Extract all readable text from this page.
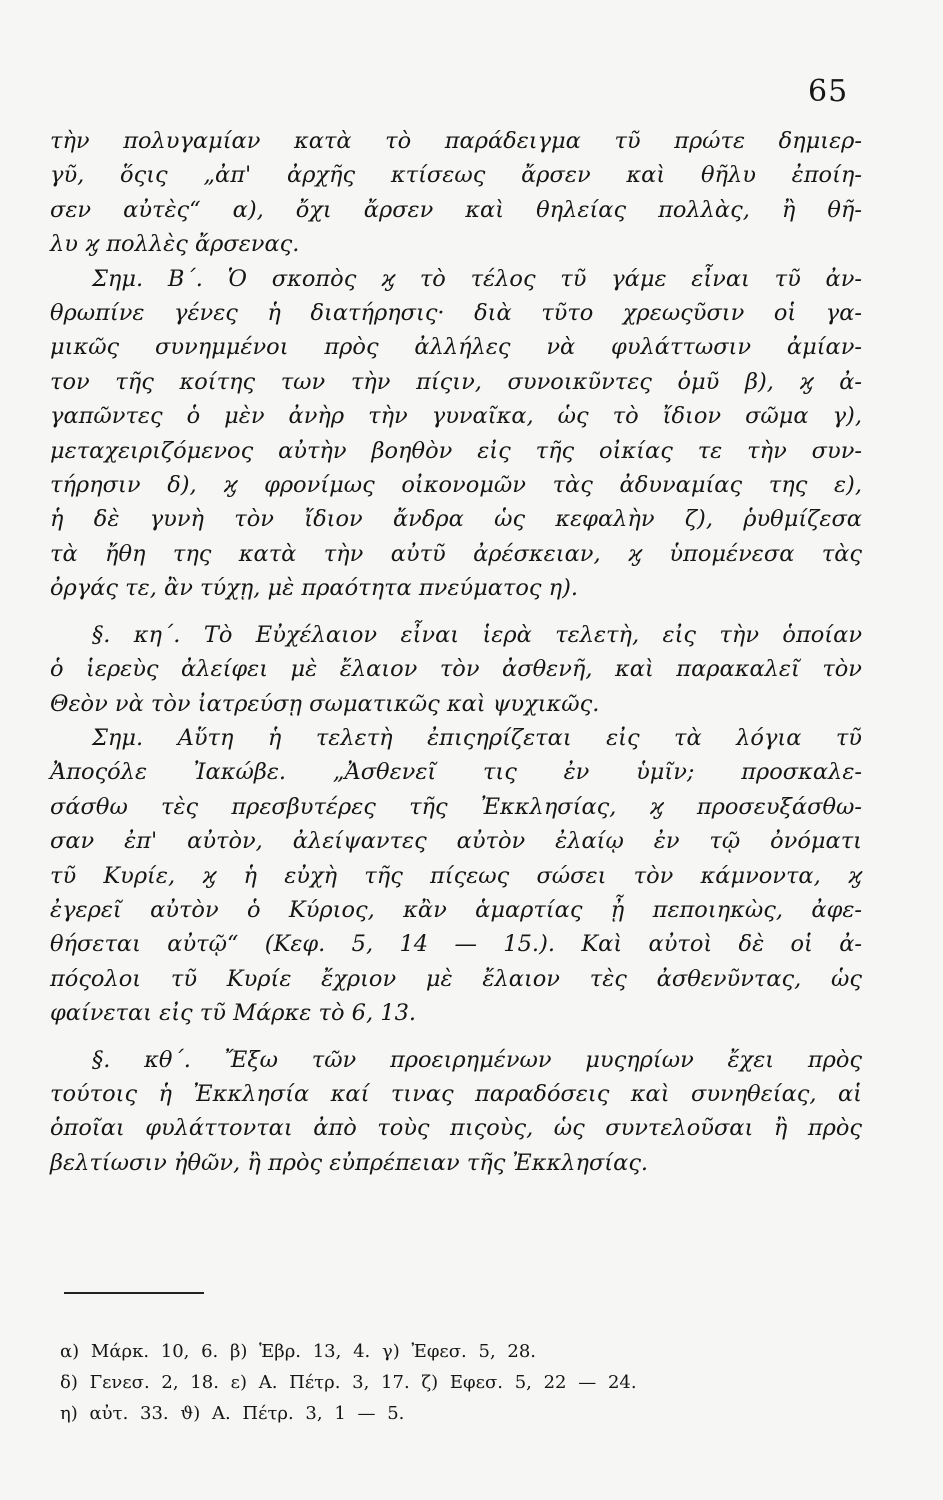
65
τὴν πολυγαμίαν κατὰ τὸ παράδειγμα τῦ πρώτε δημιερ-
γῦ, ὅςις „ἀπ' ἀρχῆς κτίσεως ἄρσεν καὶ θῆλυ ἐποίη-
σεν αὐτὲς“ α), ὄχι ἄρσεν καὶ θηλείας πολλὰς, ἢ θῆ-
λυ ϗ πολλὲς ἄρσενας.
Σημ. Β΄. Ὁ σκοπὸς ϗ τὸ τέλος τῦ γάμε εἶναι τῦ ἀν-
θρωπίνε γένες ἡ διατήρησις· διὰ τῦτο χρεωςῦσιν οἱ γα-
μικῶς συνημμένοι πρὸς ἀλλήλες νὰ φυλάττωσιν ἀμίαν-
τον τῆς κοίτης των τὴν πίςιν, συνοικῦντες ὁμῦ β), ϗ ἀ-
γαπῶντες ὁ μὲν ἀνὴρ τὴν γυναῖκα, ὡς τὸ ἴδιον σῶμα γ),
μεταχειριζόμενος αὐτὴν βοηθὸν εἰς τῆς οἰκίας τε τὴν συν-
τήρησιν δ), ϗ φρονίμως οἰκονομῶν τὰς ἀδυναμίας της ε),
ἡ δὲ γυνὴ τὸν ἴδιον ἄνδρα ὡς κεφαλὴν ζ), ῥυθμίζεσα
τὰ ἤθη της κατὰ τὴν αὐτῦ ἀρέσκειαν, ϗ ὑπομένεσα τὰς
ὀργάς τε, ἂν τύχῃ, μὲ πραότητα πνεύματος η).
§. κη΄. Τὸ Εὐχέλαιον εἶναι ἱερὰ τελετὴ, εἰς τὴν ὁποίαν
ὁ ἱερεὺς ἀλείφει μὲ ἔλαιον τὸν ἀσθενῆ, καὶ παρακαλεῖ τὸν
Θεὸν νὰ τὸν ἰατρεύσῃ σωματικῶς καὶ ψυχικῶς.
Σημ. Αὕτη ἡ τελετὴ ἐπιςηρίζεται εἰς τὰ λόγια τῦ
Ἀποςόλε Ἰακώβε. „Ἀσθενεῖ τις ἐν ὑμῖν; προσκαλε-
σάσθω τὲς πρεσβυτέρες τῆς Ἐκκλησίας, ϗ προσευξάσθω-
σαν ἐπ' αὐτὸν, ἀλείψαντες αὐτὸν ἐλαίῳ ἐν τῷ ὀνόματι
τῦ Κυρίε, ϗ ἡ εὐχὴ τῆς πίςεως σώσει τὸν κάμνοντα, ϗ
ἐγερεῖ αὐτὸν ὁ Κύριος, κἂν ἁμαρτίας ᾖ πεποιηκὼς, ἀφε-
θήσεται αὐτῷ“ (Κεφ. 5, 14 — 15.). Καὶ αὐτοὶ δὲ οἱ ἀ-
πόςολοι τῦ Κυρίε ἔχριον μὲ ἔλαιον τὲς ἀσθενῦντας, ὡς
φαίνεται εἰς τῦ Μάρκε τὸ 6, 13.
§. κθ΄. Ἔξω τῶν προειρημένων μυςηρίων ἔχει πρὸς
τούτοις ἡ Ἐκκλησία καί τινας παραδόσεις καὶ συνηθείας, αἱ
ὁποῖαι φυλάττονται ἀπὸ τοὺς πιςοὺς, ὡς συντελοῦσαι ἢ πρὸς
βελτίωσιν ἠθῶν, ἢ πρὸς εὐπρέπειαν τῆς Ἐκκλησίας.
α) Μάρκ. 10, 6. β) Ἑβρ. 13, 4. γ) Ἐφεσ. 5, 28.
δ) Γενεσ. 2, 18. ε) Α. Πέτρ. 3, 17. ζ) Εφεσ. 5, 22 — 24.
η) αὐτ. 33. ϑ) Α. Πέτρ. 3, 1 — 5.
